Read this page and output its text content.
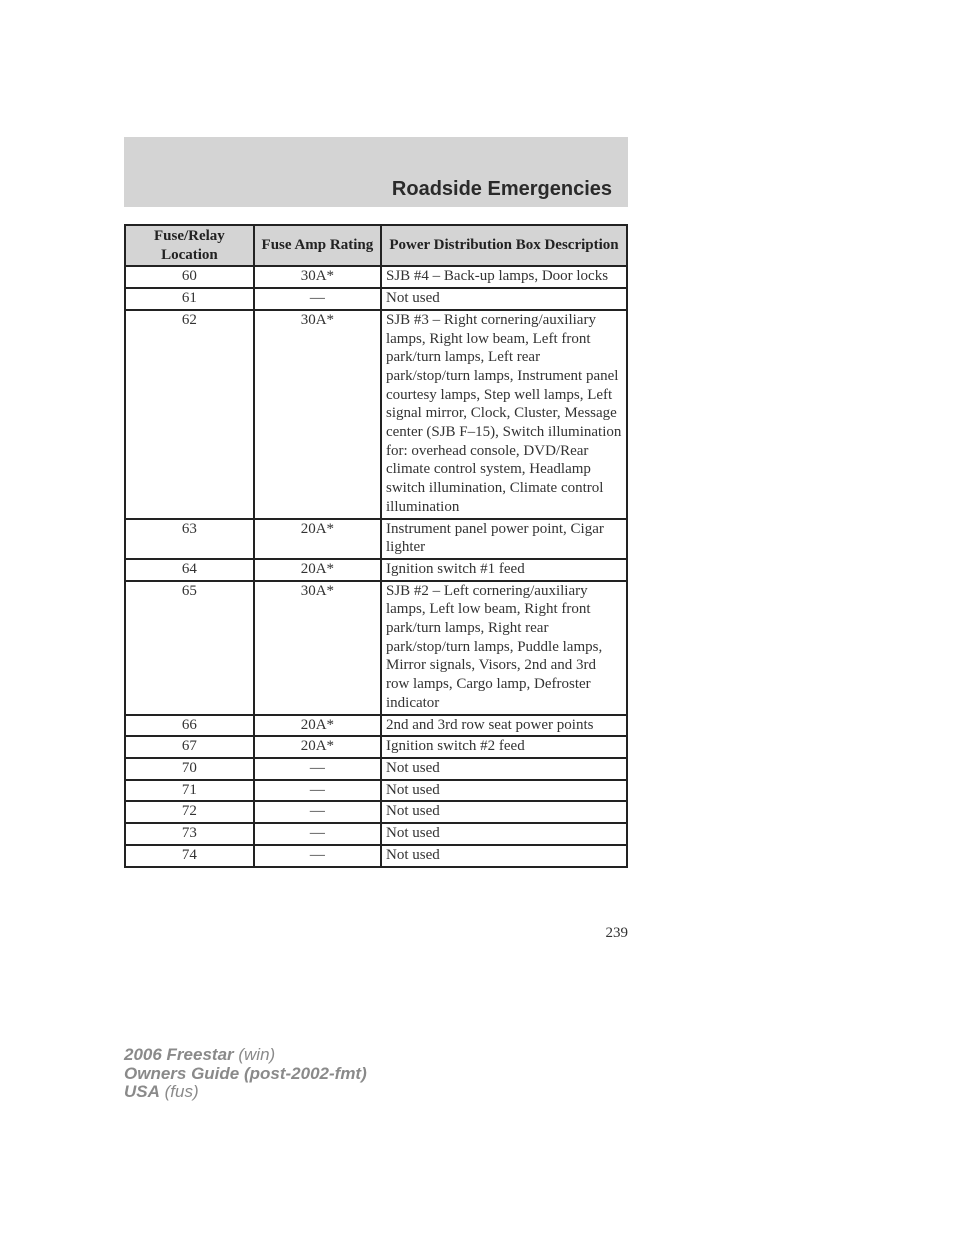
Roadside Emergencies
Fuse/Relay Location	Fuse Amp Rating	Power Distribution Box Description
60	30A*	SJB #4 – Back-up lamps, Door locks
61	—	Not used
62	30A*	SJB #3 – Right cornering/auxiliary lamps, Right low beam, Left front park/turn lamps, Left rear park/stop/turn lamps, Instrument panel courtesy lamps, Step well lamps, Left signal mirror, Clock, Cluster, Message center (SJB F–15), Switch illumination for: overhead console, DVD/Rear climate control system, Headlamp switch illumination, Climate control illumination
63	20A*	Instrument panel power point, Cigar lighter
64	20A*	Ignition switch #1 feed
65	30A*	SJB #2 – Left cornering/auxiliary lamps, Left low beam, Right front park/turn lamps, Right rear park/stop/turn lamps, Puddle lamps, Mirror signals, Visors, 2nd and 3rd row lamps, Cargo lamp, Defroster indicator
66	20A*	2nd and 3rd row seat power points
67	20A*	Ignition switch #2 feed
70	—	Not used
71	—	Not used
72	—	Not used
73	—	Not used
74	—	Not used
239
2006 Freestar (win)
Owners Guide (post-2002-fmt)
USA (fus)
